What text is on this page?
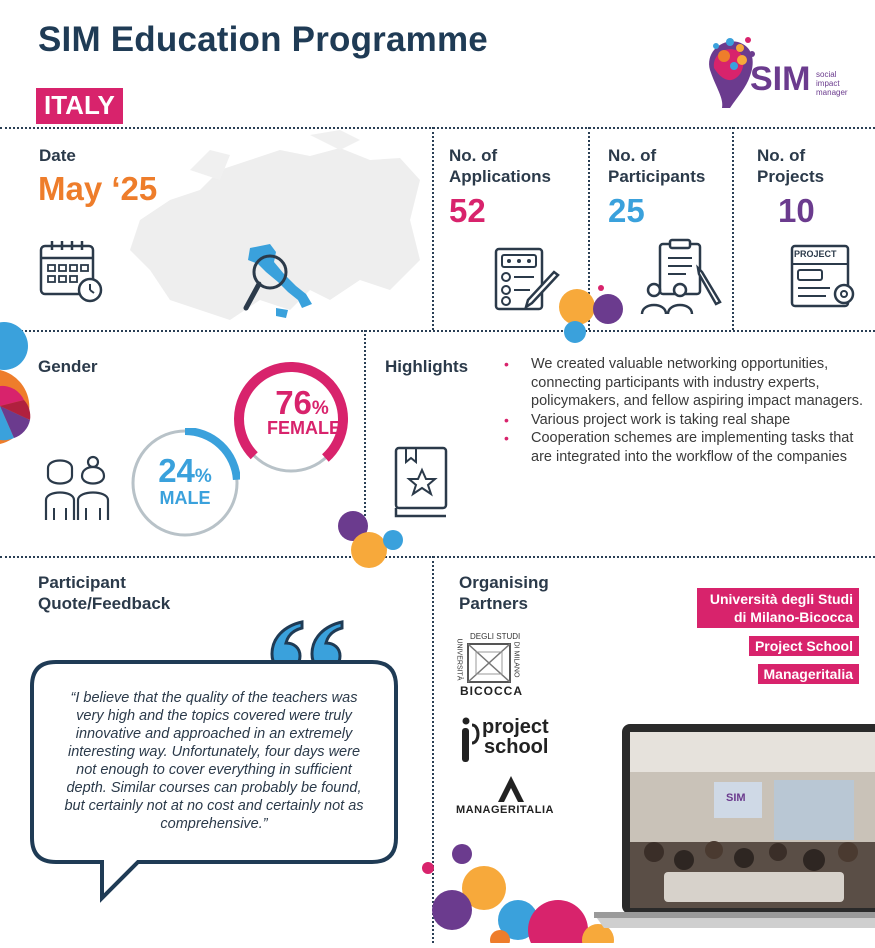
SIM Education Programme
ITALY
SIM social
impact
manager
Date
May ‘25
No. of
Applications
52
No. of
Participants
25
No. of
Projects
10
PROJECT
Gender
24%
MALE
76%
FEMALE
Highlights
•	We created valuable networking opportunities, connecting participants with industry experts, policymakers, and fellow aspiring impact managers.
• Various project work is taking real shape
• Cooperation schemes are implementing tasks that are integrated into the workflow of the companies
Participant
Quote/Feedback
“I believe that the quality of the teachers was very high and the topics covered were truly innovative and approached in an extremely interesting way. Unfortunately, four days were not enough to cover everything in sufficient depth. Similar courses can probably be found, but certainly not at no cost and certainly not as comprehensive.”
Organising
Partners	Università degli Studi di Milano-Bicocca
Project School
Manageritalia
DEGLI STUDI
BICOCCA
UNIVERSITÀ	DI MILANO
project
school
MANAGERITALIA
SIM
